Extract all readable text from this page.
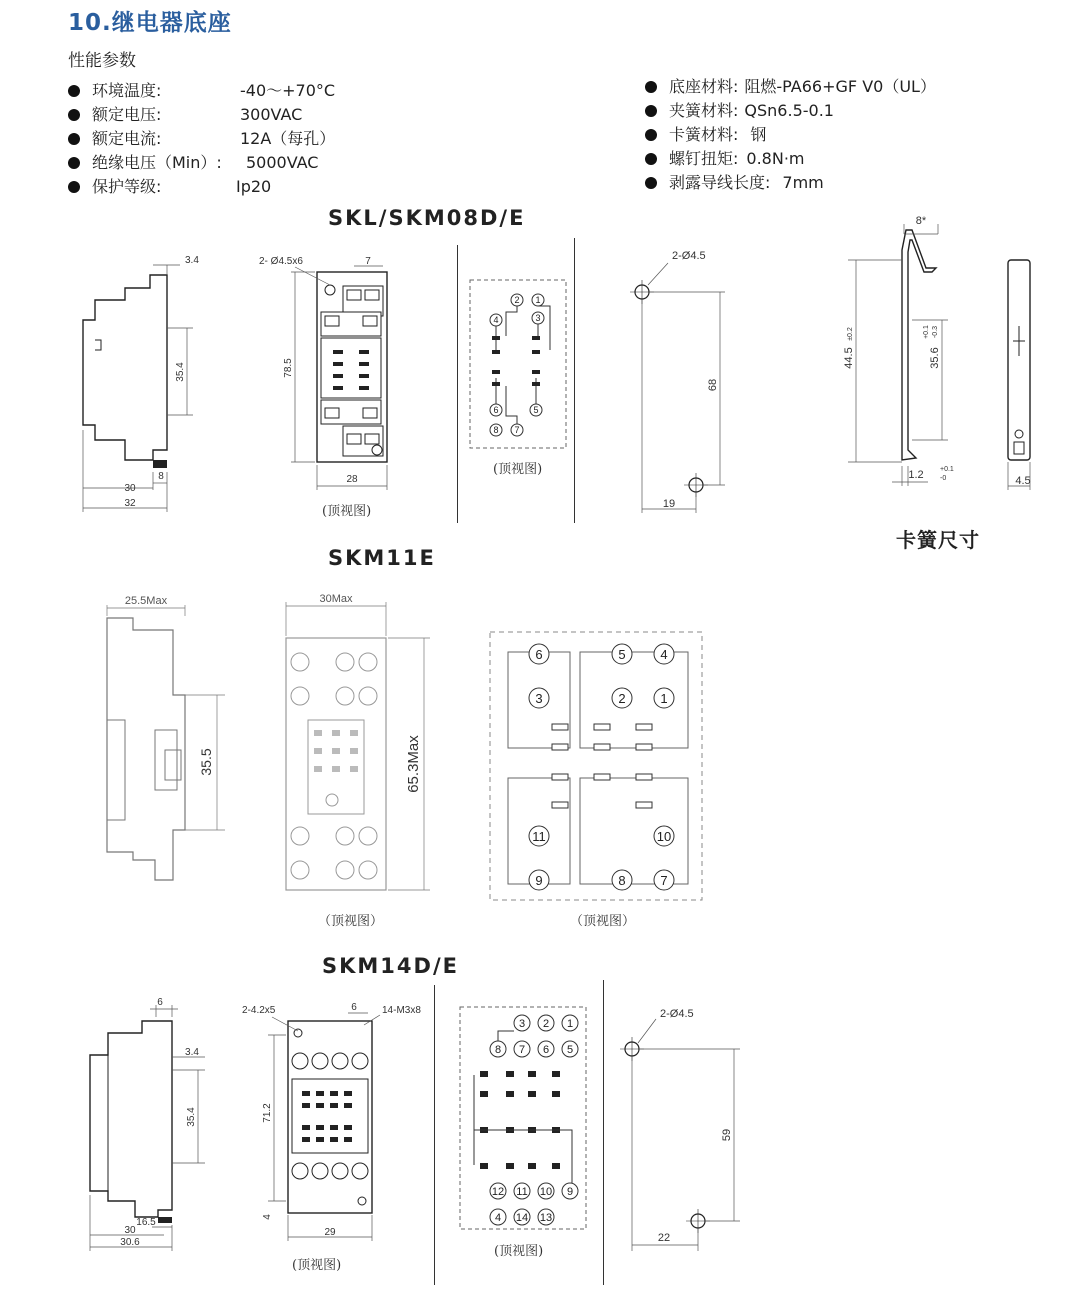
10.继电器底座
性能参数
环境温度:	-40～+70°C
额定电压:	300VAC
额定电流:	12A（每孔）
绝缘电压（Min）: 5000VAC
保护等级:	Ip20
底座材料: 阻燃-PA66+GF V0（UL）
夹簧材料: QSn6.5-0.1
卡簧材料: 钢
螺钉扭矩: 0.8N·m
剥露导线长度: 7mm
SKL/SKM08D/E
SKM11E
SKM14D/E
3.4
35.4
30
8
32
2- Ø4.5x6	7
78.5
28
(顶视图)
1
2
3
4
5
6
7
8
(顶视图)
2-Ø4.5
68
19
8*
44.5
±0.2
35.6
+0.1 -0.3
1.2 +0.1
-0	4.5
卡簧尺寸
25.5Max
35.5
30Max
65.3Max
（顶视图）
6	5	4
3	2	1
11	10
9	8	7
（顶视图）
6
3.4
35.4
16.5
30
30.6
2-4.2x5	6	14-M3x8
71.2
4
29
(顶视图)
3 2 1
8 7 6 5
12 11 10 9
4 14 13
(顶视图)
2-Ø4.5
59
22
